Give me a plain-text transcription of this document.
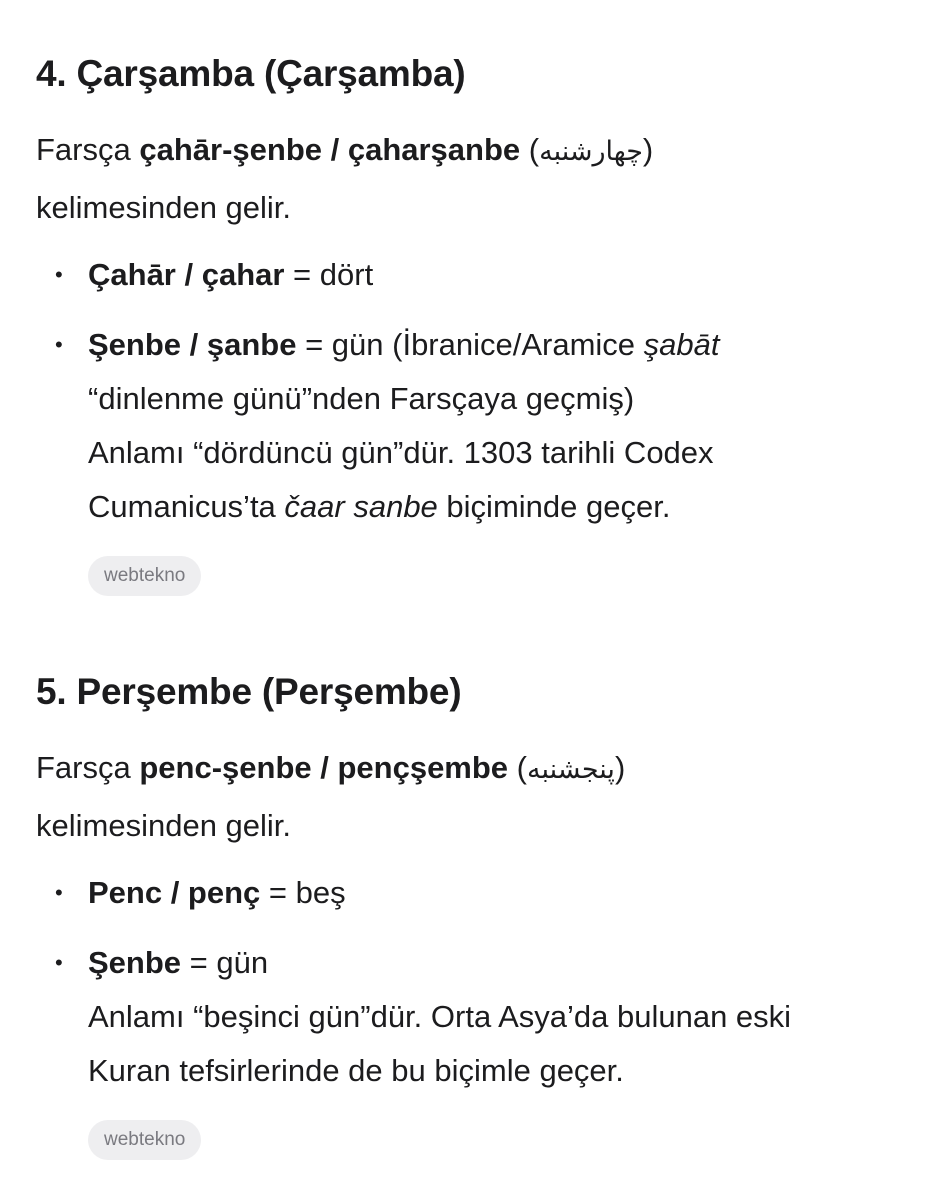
4. Çarşamba (Çarşamba)

Farsça çahār-şenbe / çaharşanbe (چهارشنبه)
kelimesinden gelir.

• Çahār / çahar = dört
• Şenbe / şanbe = gün (İbranice/Aramice şabāt
“dinlenme günü”nden Farsçaya geçmiş)
Anlamı “dördüncü gün”dür. 1303 tarihli Codex Cumanicus’ta čaar sanbe biçiminde geçer.
webtekno
5. Perşembe (Perşembe)

Farsça penc-şenbe / pençşembe (پنجشنبه)
kelimesinden gelir.

• Penc / penç = beş
• Şenbe = gün
Anlamı “beşinci gün”dür. Orta Asya’da bulunan eski Kuran tefsirlerinde de bu biçimle geçer.
webtekno
